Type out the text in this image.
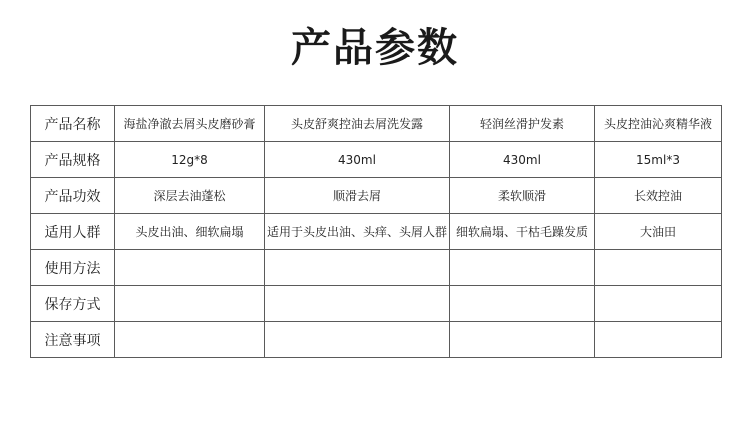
产品参数
产品名称	海盐净澈去屑头皮磨砂膏	头皮舒爽控油去屑洗发露	轻润丝滑护发素	头皮控油沁爽精华液
产品规格	12g*8	430ml	430ml	15ml*3
产品功效	深层去油蓬松	顺滑去屑	柔软顺滑	长效控油
适用人群	头皮出油、细软扁塌	适用于头皮出油、头痒、头屑人群	细软扁塌、干枯毛躁发质	大油田
使用方法				
保存方式				
注意事项				
